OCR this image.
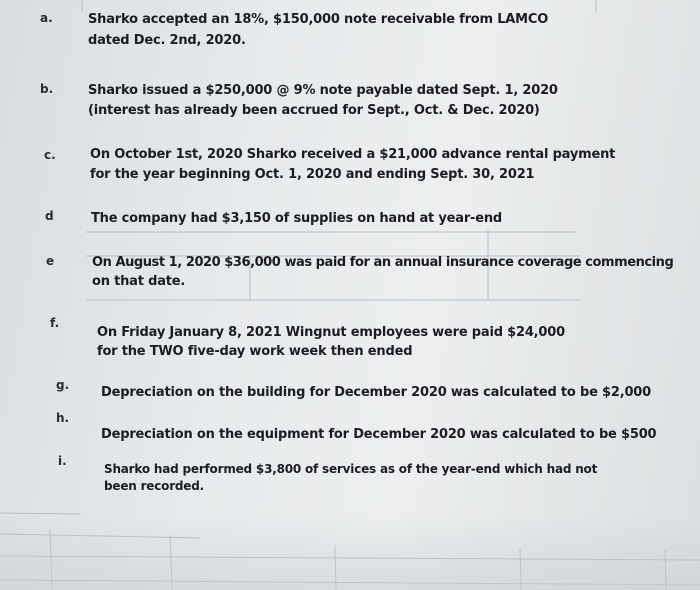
a.	Sharko accepted an 18%, $150,000 note receivable from LAMCO
dated Dec. 2nd, 2020.
b.	Sharko issued a $250,000 @ 9% note payable dated Sept. 1, 2020
(interest has already been accrued for Sept., Oct. & Dec. 2020)
c.	On October 1st, 2020 Sharko received a $21,000 advance rental payment
for the year beginning Oct. 1, 2020 and ending Sept. 30, 2021
d	The company had $3,150 of supplies on hand at year-end
e	On August 1, 2020 $36,000 was paid for an annual insurance coverage commencing
on that date.
f.
On Friday January 8, 2021 Wingnut employees were paid $24,000
for the TWO five-day work week then ended
g. Depreciation on the building for December 2020 was calculated to be $2,000
h.
Depreciation on the equipment for December 2020 was calculated to be $500
i.
Sharko had performed $3,800 of services as of the year-end which had not
been recorded.
